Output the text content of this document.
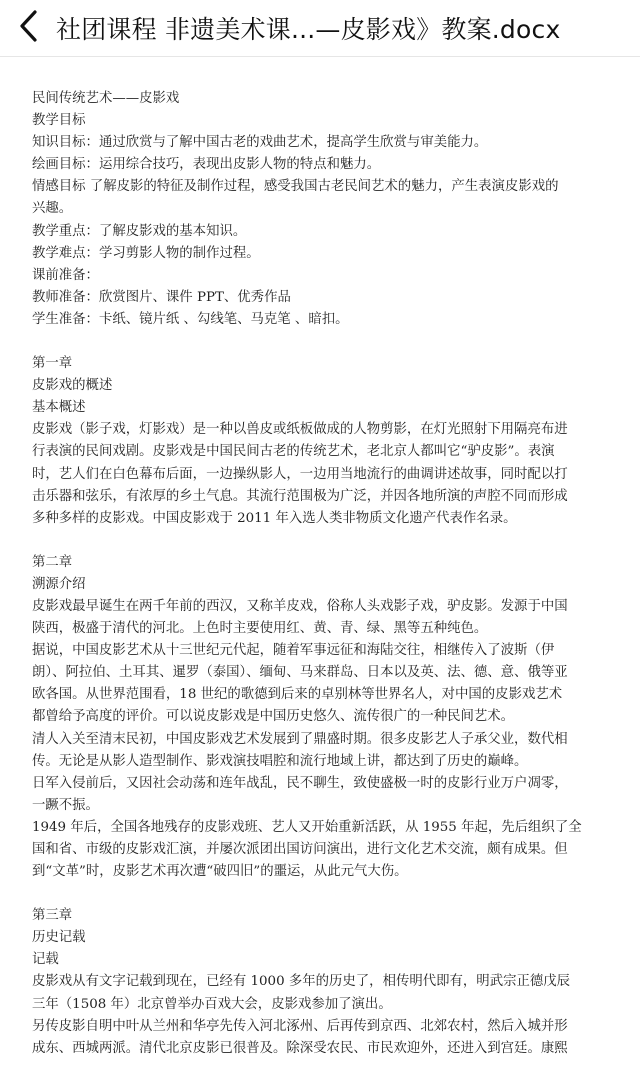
社团课程 非遗美术课...—皮影戏》教案.docx
民间传统艺术——皮影戏
教学目标
知识目标：通过欣赏与了解中国古老的戏曲艺术，提高学生欣赏与审美能力。
绘画目标：运用综合技巧，表现出皮影人物的特点和魅力。
情感目标 了解皮影的特征及制作过程，感受我国古老民间艺术的魅力，产生表演皮影戏的
兴趣。
教学重点：了解皮影戏的基本知识。
教学难点：学习剪影人物的制作过程。
课前准备：
教师准备：欣赏图片、课件 PPT、优秀作品
学生准备：卡纸、镜片纸 、勾线笔、马克笔 、暗扣。
第一章
皮影戏的概述
基本概述
皮影戏（影子戏，灯影戏）是一种以兽皮或纸板做成的人物剪影，在灯光照射下用隔亮布进
行表演的民间戏剧。皮影戏是中国民间古老的传统艺术，老北京人都叫它“驴皮影”。表演
时，艺人们在白色幕布后面，一边操纵影人，一边用当地流行的曲调讲述故事，同时配以打
击乐器和弦乐，有浓厚的乡土气息。其流行范围极为广泛，并因各地所演的声腔不同而形成
多种多样的皮影戏。中国皮影戏于 2011 年入选人类非物质文化遗产代表作名录。
第二章
溯源介绍
皮影戏最早诞生在两千年前的西汉，又称羊皮戏，俗称人头戏影子戏，驴皮影。发源于中国
陕西，极盛于清代的河北。上色时主要使用红、黄、青、绿、黑等五种纯色。
据说，中国皮影艺术从十三世纪元代起，随着军事远征和海陆交往，相继传入了波斯（伊
朗）、阿拉伯、土耳其、暹罗（泰国）、缅甸、马来群岛、日本以及英、法、德、意、俄等亚
欧各国。从世界范围看，18 世纪的歌德到后来的卓别林等世界名人，对中国的皮影戏艺术
都曾给予高度的评价。可以说皮影戏是中国历史悠久、流传很广的一种民间艺术。
清人入关至清末民初，中国皮影戏艺术发展到了鼎盛时期。很多皮影艺人子承父业，数代相
传。无论是从影人造型制作、影戏演技唱腔和流行地域上讲，都达到了历史的巅峰。
日军入侵前后，又因社会动荡和连年战乱，民不聊生，致使盛极一时的皮影行业万户凋零，
一蹶不振。
1949 年后，全国各地残存的皮影戏班、艺人又开始重新活跃，从 1955 年起，先后组织了全
国和省、市级的皮影戏汇演，并屡次派团出国访问演出，进行文化艺术交流，颇有成果。但
到“文革”时，皮影艺术再次遭“破四旧”的噩运，从此元气大伤。
第三章
历史记载
记载
皮影戏从有文字记载到现在，已经有 1000 多年的历史了，相传明代即有，明武宗正德戊辰
三年（1508 年）北京曾举办百戏大会，皮影戏参加了演出。
另传皮影自明中叶从兰州和华亭先传入河北涿州、后再传到京西、北郊农村，然后入城并形
成东、西城两派。清代北京皮影已很普及。除深受农民、市民欢迎外，还进入到宫廷。康熙
